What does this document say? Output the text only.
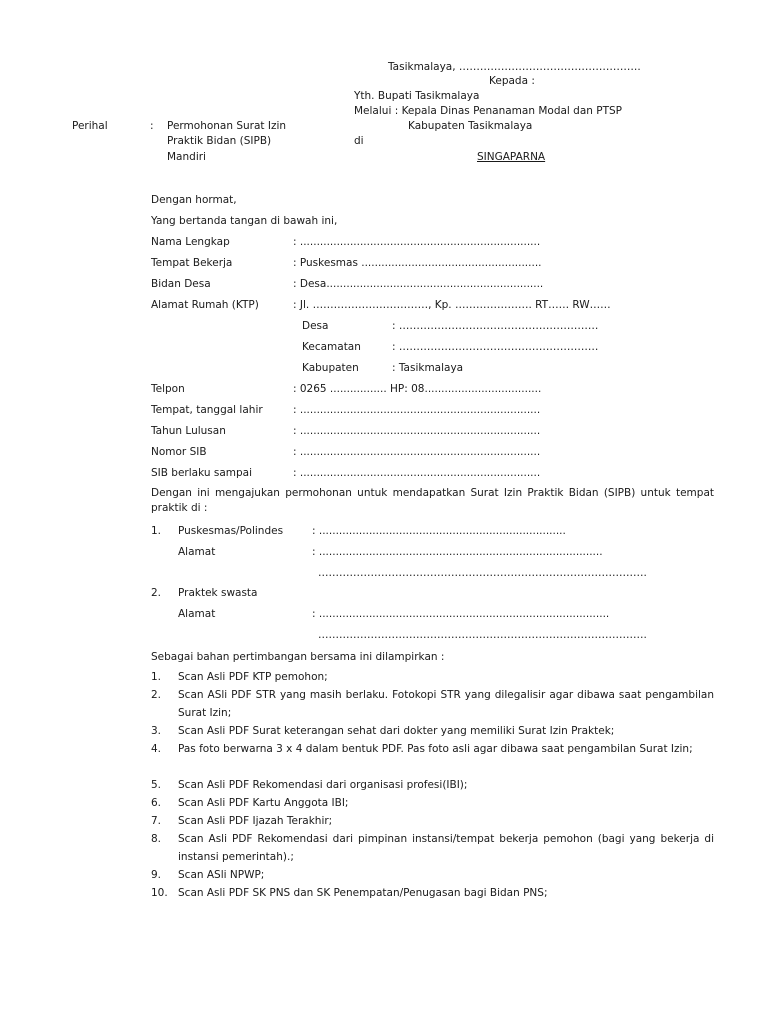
Tasikmalaya, …………………………………………….
Kepada :
Yth. Bupati Tasikmalaya
Melalui : Kepala Dinas Penanaman Modal dan PTSP
Kabupaten Tasikmalaya
di
SINGAPARNA
Perihal	: Permohonan Surat Izin
Praktik Bidan (SIPB)
Mandiri
Dengan hormat,
Yang bertanda tangan di bawah ini,
Nama Lengkap	: ........................................................................
Tempat Bekerja	: Puskesmas ......................................................
Bidan Desa	: Desa.................................................................
Alamat Rumah (KTP)	: Jl. ……………………………, Kp. …………………. RT…… RW……
Desa	: …………………………………………………
Kecamatan	: …………………………………………………
Kabupaten	: Tasikmalaya
Telpon	: 0265 ................. HP: 08...................................
Tempat, tanggal lahir	: ........................................................................
Tahun Lulusan	: ........................................................................
Nomor SIB	: ........................................................................
SIB berlaku sampai	: ........................................................................
Dengan ini mengajukan permohonan untuk mendapatkan Surat Izin Praktik Bidan (SIPB) untuk tempat praktik di :
1. Puskesmas/Polindes	: ..........................................................................
Alamat	: .....................................................................................
………………………………………………………………………………….
2. Praktek swasta
Alamat	: .......................................................................................
………………………………………………………………………………….
Sebagai bahan pertimbangan bersama ini dilampirkan :
1. Scan Asli PDF KTP pemohon;
2. Scan ASli PDF STR yang masih berlaku. Fotokopi STR yang dilegalisir agar dibawa saat pengambilan Surat Izin;
3. Scan Asli PDF Surat keterangan sehat dari dokter yang memiliki Surat Izin Praktek;
4. Pas foto berwarna 3 x 4 dalam bentuk PDF. Pas foto asli agar dibawa saat pengambilan Surat Izin;
5. Scan Asli PDF Rekomendasi dari organisasi profesi(IBI);
6. Scan Asli PDF Kartu Anggota IBI;
7. Scan Asli PDF Ijazah Terakhir;
8. Scan Asli PDF Rekomendasi dari pimpinan instansi/tempat bekerja pemohon (bagi yang bekerja di instansi pemerintah).;
9. Scan ASli NPWP;
10. Scan Asli PDF SK PNS dan SK Penempatan/Penugasan bagi Bidan PNS;
